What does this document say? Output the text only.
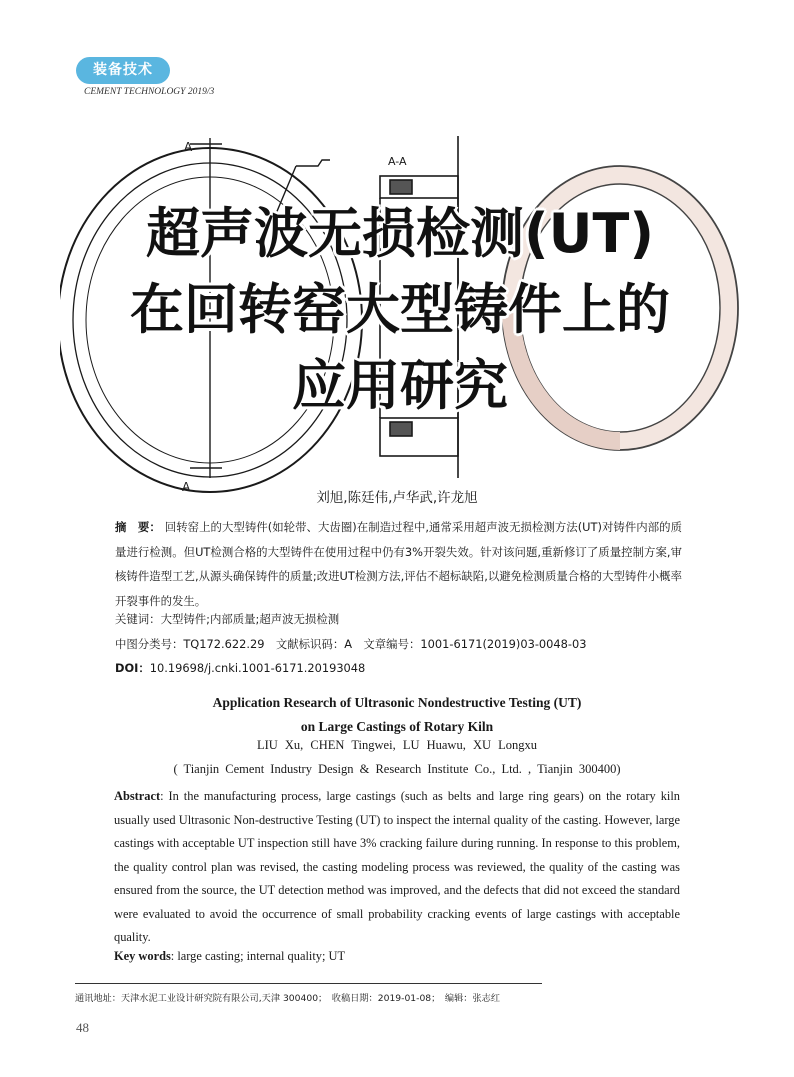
装备技术
CEMENT TECHNOLOGY 2019/3
A
A
A-A
超声波无损检测(UT)
在回转窑大型铸件上的
应用研究
刘旭,陈廷伟,卢华武,许龙旭
摘　要： 回转窑上的大型铸件(如轮带、大齿圈)在制造过程中,通常采用超声波无损检测方法(UT)对铸件内部的质量进行检测。但UT检测合格的大型铸件在使用过程中仍有3%开裂失效。针对该问题,重新修订了质量控制方案,审核铸件造型工艺,从源头确保铸件的质量;改进UT检测方法,评估不超标缺陷,以避免检测质量合格的大型铸件小概率开裂事件的发生。
关键词：大型铸件;内部质量;超声波无损检测
中图分类号：TQ172.622.29　文献标识码：A　文章编号：1001-6171(2019)03-0048-03
DOI：10.19698/j.cnki.1001-6171.20193048
Application Research of Ultrasonic Nondestructive Testing (UT)
on Large Castings of Rotary Kiln
LIU Xu, CHEN Tingwei, LU Huawu, XU Longxu
( Tianjin Cement Industry Design & Research Institute Co., Ltd. , Tianjin 300400)
Abstract: In the manufacturing process, large castings (such as belts and large ring gears) on the rotary kiln usually used Ultrasonic Non-destructive Testing (UT) to inspect the internal quality of the casting. However, large castings with acceptable UT inspection still have 3% cracking failure during running. In response to this problem, the quality control plan was revised, the casting modeling process was reviewed, the quality of the casting was ensured from the source, the UT detection method was improved, and the defects that did not exceed the standard were evaluated to avoid the occurrence of small probability cracking events of large castings with acceptable quality.
Key words: large casting; internal quality; UT
通讯地址：天津水泥工业设计研究院有限公司,天津 300400；　收稿日期：2019-01-08；　编辑：张志红
48
